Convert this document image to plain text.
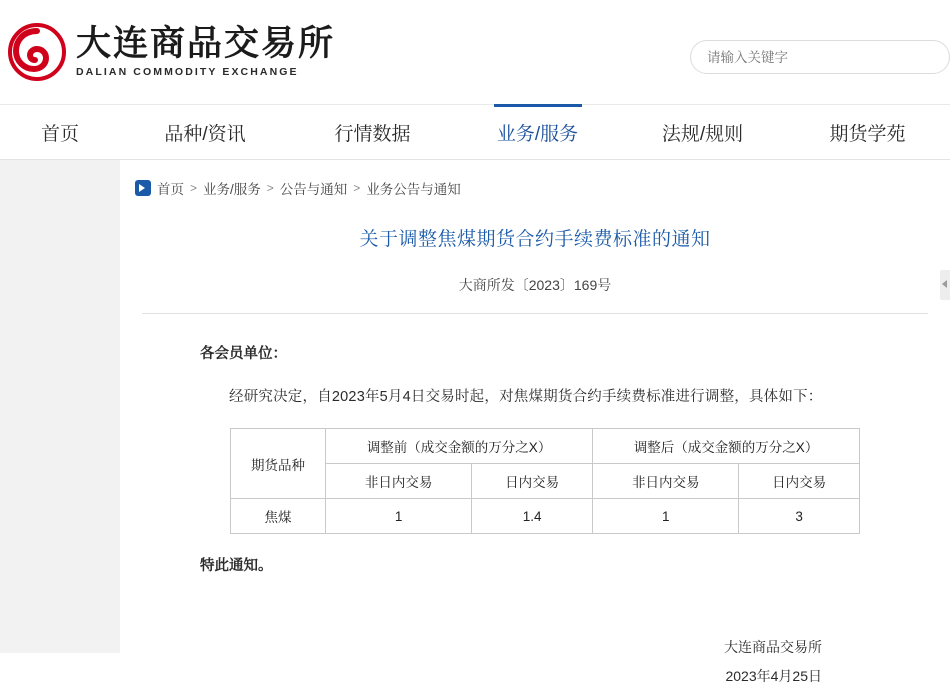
大连商品交易所
DALIAN COMMODITY EXCHANGE
请输入关键字
首页	品种/资讯	行情数据	业务/服务	法规/规则	期货学苑
首页 > 业务/服务 > 公告与通知 > 业务公告与通知
关于调整焦煤期货合约手续费标准的通知
大商所发〔2023〕169号
各会员单位：
经研究决定，自2023年5月4日交易时起，对焦煤期货合约手续费标准进行调整，具体如下：
期货品种	调整前（成交金额的万分之X）		调整后（成交金额的万分之X）	
	非日内交易	日内交易	非日内交易	日内交易
焦煤	1	1.4	1	3
特此通知。
大连商品交易所
2023年4月25日
